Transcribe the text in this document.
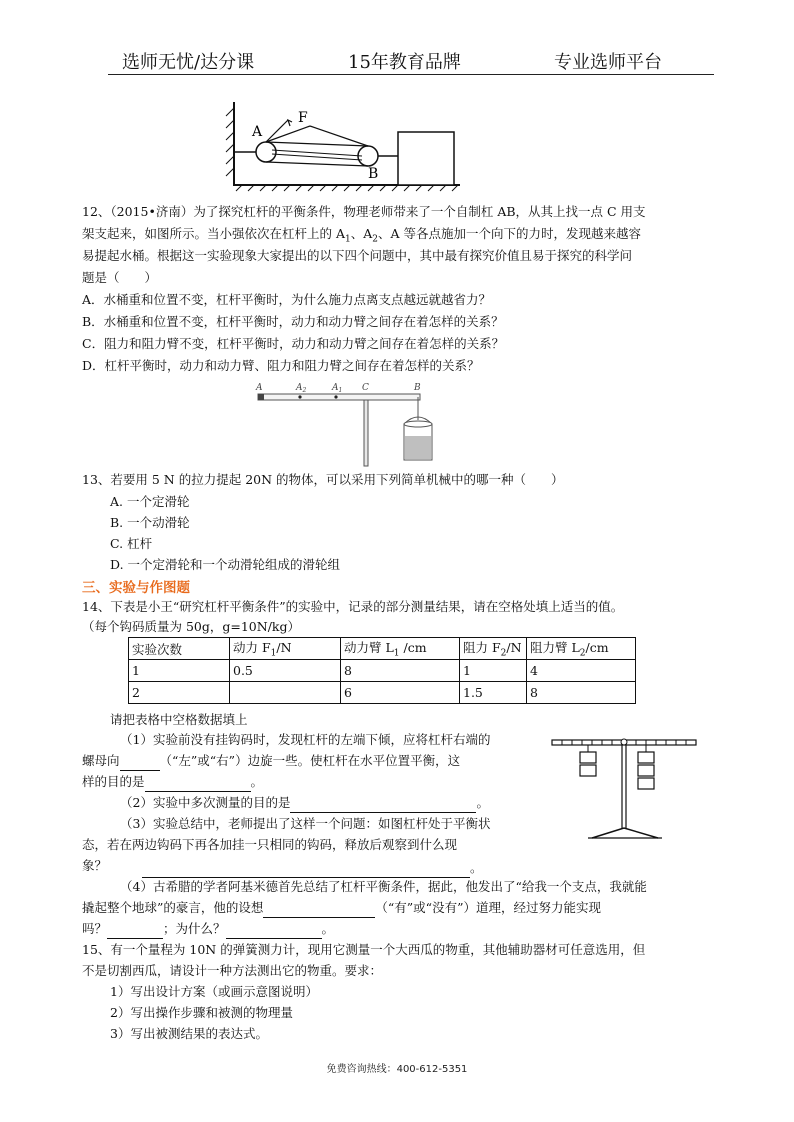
选师无忧/达分课	15年教育品牌	专业选师平台
A
F
B
12、（2015•济南）为了探究杠杆的平衡条件，物理老师带来了一个自制杠 AB，从其上找一点 C 用支
架支起来，如图所示。当小强依次在杠杆上的 $A_1$、$A_2$、A 等各点施加一个向下的力时，发现越来越容
易提起水桶。根据这一实验现象大家提出的以下四个问题中，其中最有探究价值且易于探究的科学问
题是（　　）
A．水桶重和位置不变，杠杆平衡时，为什么施力点离支点越远就越省力？
B．水桶重和位置不变，杠杆平衡时，动力和动力臂之间存在着怎样的关系？
C．阻力和阻力臂不变，杠杆平衡时，动力和动力臂之间存在着怎样的关系？
D．杠杆平衡时，动力和动力臂、阻力和阻力臂之间存在着怎样的关系？
A	$A_2$	$A_1$ C	B
13、若要用 5 N 的拉力提起 20N 的物体，可以采用下列简单机械中的哪一种（　　）
A. 一个定滑轮
B. 一个动滑轮
C. 杠杆
D. 一个定滑轮和一个动滑轮组成的滑轮组
三、实验与作图题
14、下表是小王“研究杠杆平衡条件”的实验中，记录的部分测量结果，请在空格处填上适当的值。
（每个钩码质量为 50g，g=10N/kg）
实验次数	动力 $F_1/N$	动力臂 $L_1$ /cm	阻力 $F_2/N$	阻力臂 $L_2/cm$
1	0.5	8	1	4
2		6	1.5	8
请把表格中空格数据填上
（1）实验前没有挂钩码时，发现杠杆的左端下倾，应将杠杆右端的
螺母向	（“左”或“右”）边旋一些。使杠杆在水平位置平衡，这
样的目的是	。
（2）实验中多次测量的目的是	。
（3）实验总结中，老师提出了这样一个问题：如图杠杆处于平衡状
态，若在两边钩码下再各加挂一只相同的钩码，释放后观察到什么现
象？	。
（4）古希腊的学者阿基米德首先总结了杠杆平衡条件，据此，他发出了“给我一个支点，我就能
撬起整个地球”的豪言，他的设想	（“有”或“没有”）道理，经过努力能实现
吗？	；为什么？	。
15、有一个量程为 10N 的弹簧测力计，现用它测量一个大西瓜的物重，其他辅助器材可任意选用，但
不是切割西瓜，请设计一种方法测出它的物重。要求：
1）写出设计方案（或画示意图说明）
2）写出操作步骤和被测的物理量
3）写出被测结果的表达式。
免费咨询热线：400-612-5351
